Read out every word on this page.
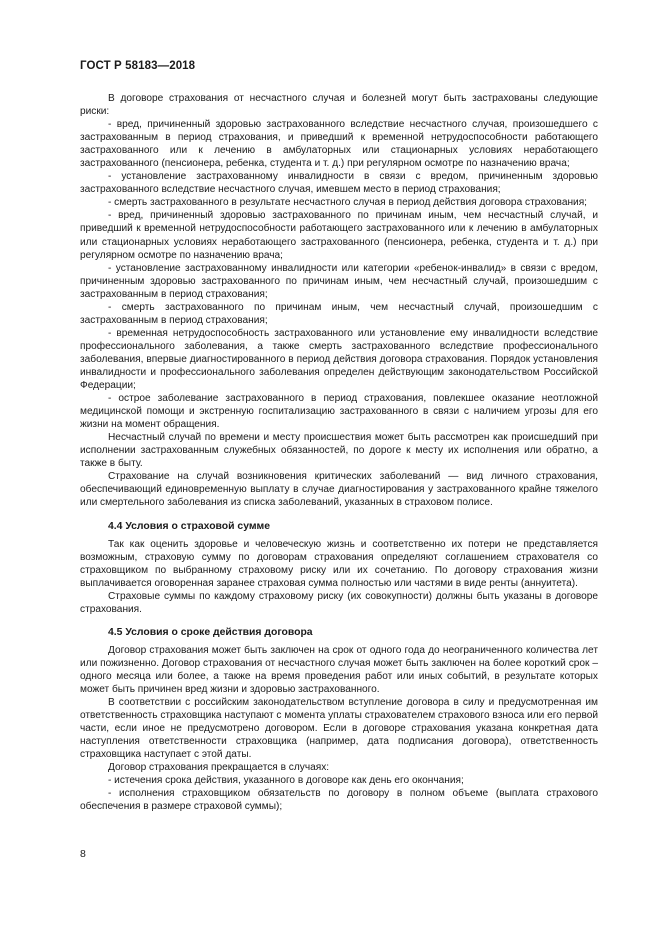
ГОСТ Р 58183—2018

В договоре страхования от несчастного случая и болезней могут быть застрахованы следующие риски:

- вред, причиненный здоровью застрахованного вследствие несчастного случая, произошедшего с застрахованным в период страхования, и приведший к временной нетрудоспособности работающего застрахованного или к лечению в амбулаторных или стационарных условиях неработающего застрахованного (пенсионера, ребенка, студента и т. д.) при регулярном осмотре по назначению врача;

- установление застрахованному инвалидности в связи с вредом, причиненным здоровью застрахованного вследствие несчастного случая, имевшем место в период страхования;

- смерть застрахованного в результате несчастного случая в период действия договора страхования;

- вред, причиненный здоровью застрахованного по причинам иным, чем несчастный случай, и приведший к временной нетрудоспособности работающего застрахованного или к лечению в амбулаторных или стационарных условиях неработающего застрахованного (пенсионера, ребенка, студента и т. д.) при регулярном осмотре по назначению врача;

- установление застрахованному инвалидности или категории «ребенок-инвалид» в связи с вредом, причиненным здоровью застрахованного по причинам иным, чем несчастный случай, произошедшим с застрахованным в период страхования;

- смерть застрахованного по причинам иным, чем несчастный случай, произошедшим с застрахованным в период страхования;

- временная нетрудоспособность застрахованного или установление ему инвалидности вследствие профессионального заболевания, а также смерть застрахованного вследствие профессионального заболевания, впервые диагностированного в период действия договора страхования. Порядок установления инвалидности и профессионального заболевания определен действующим законодательством Российской Федерации;

- острое заболевание застрахованного в период страхования, повлекшее оказание неотложной медицинской помощи и экстренную госпитализацию застрахованного в связи с наличием угрозы для его жизни на момент обращения.

Несчастный случай по времени и месту происшествия может быть рассмотрен как происшедший при исполнении застрахованным служебных обязанностей, по дороге к месту их исполнения или обратно, а также в быту.

Страхование на случай возникновения критических заболеваний — вид личного страхования, обеспечивающий единовременную выплату в случае диагностирования у застрахованного крайне тяжелого или смертельного заболевания из списка заболеваний, указанных в страховом полисе.

4.4 Условия о страховой сумме

Так как оценить здоровье и человеческую жизнь и соответственно их потери не представляется возможным, страховую сумму по договорам страхования определяют соглашением страхователя со страховщиком по выбранному страховому риску или их сочетанию. По договору страхования жизни выплачивается оговоренная заранее страховая сумма полностью или частями в виде ренты (аннуитета).

Страховые суммы по каждому страховому риску (их совокупности) должны быть указаны в договоре страхования.

4.5 Условия о сроке действия договора

Договор страхования может быть заключен на срок от одного года до неограниченного количества лет или пожизненно. Договор страхования от несчастного случая может быть заключен на более короткий срок – одного месяца или более, а также на время проведения работ или иных событий, в результате которых может быть причинен вред жизни и здоровью застрахованного.

В соответствии с российским законодательством вступление договора в силу и предусмотренная им ответственность страховщика наступают с момента уплаты страхователем страхового взноса или его первой части, если иное не предусмотрено договором. Если в договоре страхования указана конкретная дата наступления ответственности страховщика (например, дата подписания договора), ответственность страховщика наступает с этой даты.

Договор страхования прекращается в случаях:

- истечения срока действия, указанного в договоре как день его окончания;

- исполнения страховщиком обязательств по договору в полном объеме (выплата страхового обеспечения в размере страховой суммы);

8
